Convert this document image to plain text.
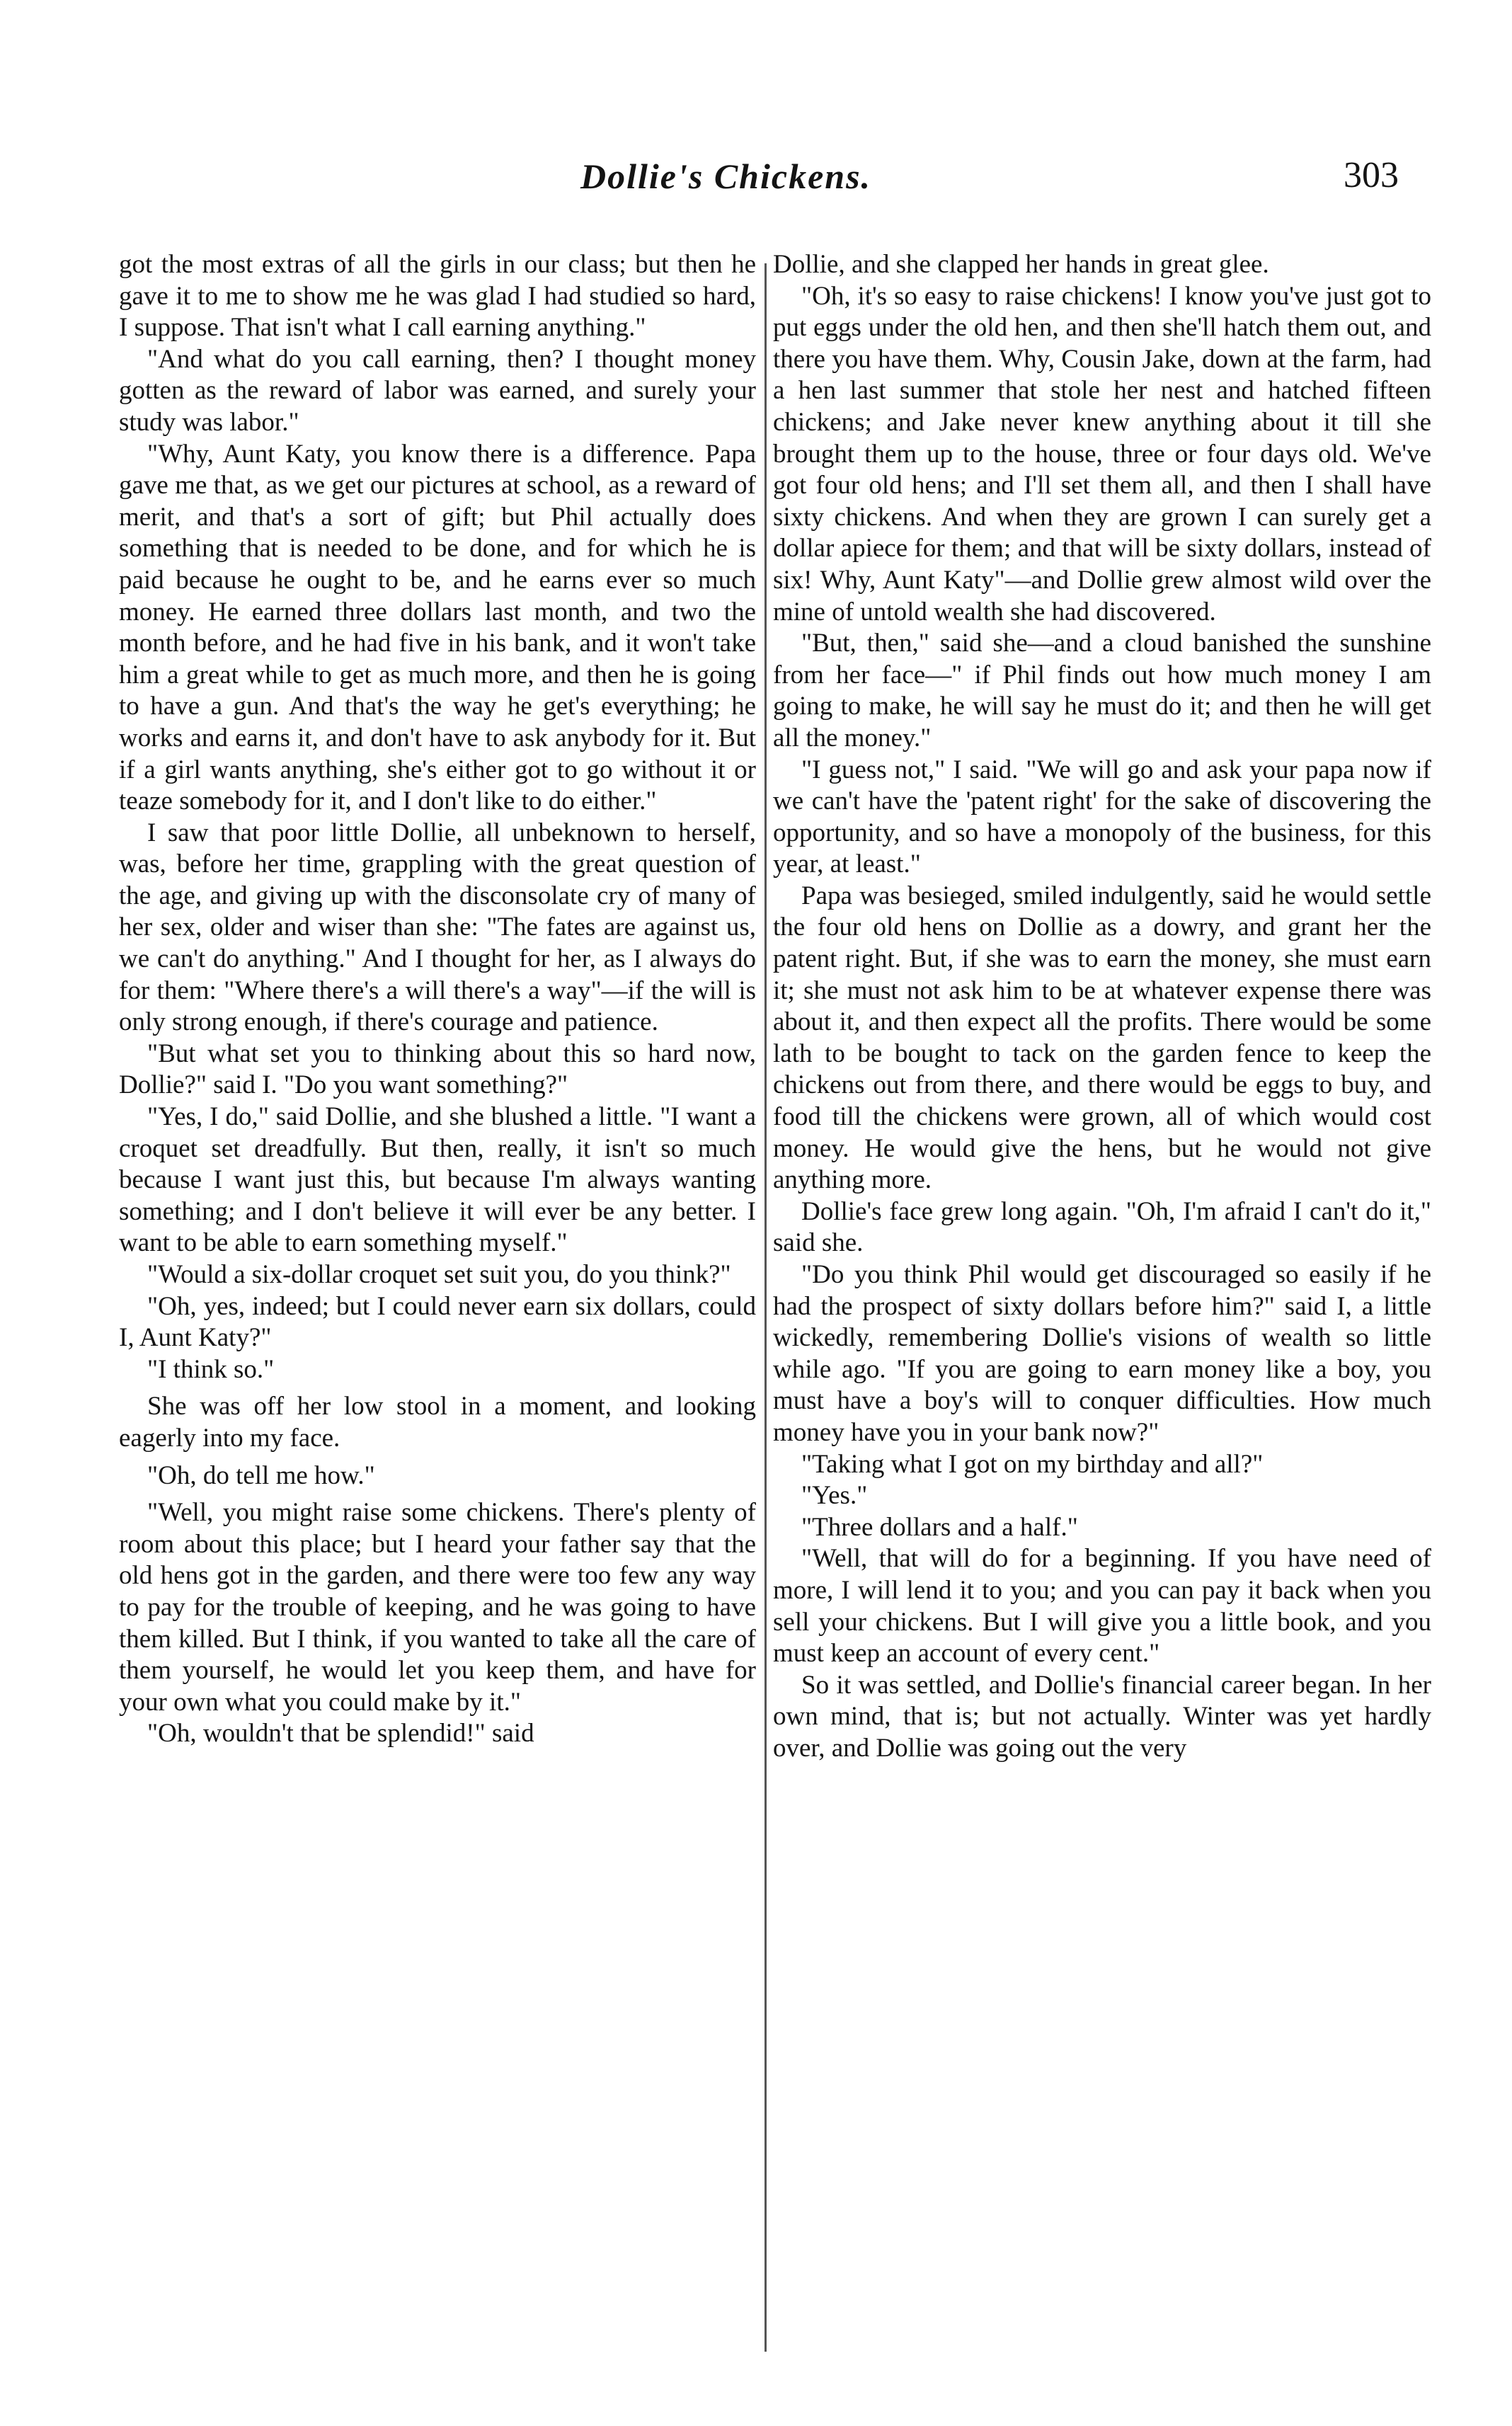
Dollie's Chickens.	303

got the most extras of all the girls in our class; but then he gave it to me to show me he was glad I had studied so hard, I suppose. That isn't what I call earning anything."

"And what do you call earning, then? I thought money gotten as the reward of labor was earned, and surely your study was labor."

"Why, Aunt Katy, you know there is a difference. Papa gave me that, as we get our pictures at school, as a reward of merit, and that's a sort of gift; but Phil actually does something that is needed to be done, and for which he is paid because he ought to be, and he earns ever so much money. He earned three dollars last month, and two the month before, and he had five in his bank, and it won't take him a great while to get as much more, and then he is going to have a gun. And that's the way he get's everything; he works and earns it, and don't have to ask anybody for it. But if a girl wants anything, she's either got to go without it or teaze somebody for it, and I don't like to do either."

I saw that poor little Dollie, all unbeknown to herself, was, before her time, grappling with the great question of the age, and giving up with the disconsolate cry of many of her sex, older and wiser than she: "The fates are against us, we can't do anything." And I thought for her, as I always do for them: "Where there's a will there's a way"—if the will is only strong enough, if there's courage and patience.

"But what set you to thinking about this so hard now, Dollie?" said I. "Do you want something?"

"Yes, I do," said Dollie, and she blushed a little. "I want a croquet set dreadfully. But then, really, it isn't so much because I want just this, but because I'm always wanting something; and I don't believe it will ever be any better. I want to be able to earn something myself."

"Would a six-dollar croquet set suit you, do you think?"

"Oh, yes, indeed; but I could never earn six dollars, could I, Aunt Katy?"

"I think so."

She was off her low stool in a moment, and looking eagerly into my face.

"Oh, do tell me how."

"Well, you might raise some chickens. There's plenty of room about this place; but I heard your father say that the old hens got in the garden, and there were too few any way to pay for the trouble of keeping, and he was going to have them killed. But I think, if you wanted to take all the care of them yourself, he would let you keep them, and have for your own what you could make by it."

"Oh, wouldn't that be splendid!" said

Dollie, and she clapped her hands in great glee.

"Oh, it's so easy to raise chickens! I know you've just got to put eggs under the old hen, and then she'll hatch them out, and there you have them. Why, Cousin Jake, down at the farm, had a hen last summer that stole her nest and hatched fifteen chickens; and Jake never knew anything about it till she brought them up to the house, three or four days old. We've got four old hens; and I'll set them all, and then I shall have sixty chickens. And when they are grown I can surely get a dollar apiece for them; and that will be sixty dollars, instead of six! Why, Aunt Katy"—and Dollie grew almost wild over the mine of untold wealth she had discovered.

"But, then," said she—and a cloud banished the sunshine from her face—" if Phil finds out how much money I am going to make, he will say he must do it; and then he will get all the money."

"I guess not," I said. "We will go and ask your papa now if we can't have the 'patent right' for the sake of discovering the opportunity, and so have a monopoly of the business, for this year, at least."

Papa was besieged, smiled indulgently, said he would settle the four old hens on Dollie as a dowry, and grant her the patent right. But, if she was to earn the money, she must earn it; she must not ask him to be at whatever expense there was about it, and then expect all the profits. There would be some lath to be bought to tack on the garden fence to keep the chickens out from there, and there would be eggs to buy, and food till the chickens were grown, all of which would cost money. He would give the hens, but he would not give anything more.

Dollie's face grew long again. "Oh, I'm afraid I can't do it," said she.

"Do you think Phil would get discouraged so easily if he had the prospect of sixty dollars before him?" said I, a little wickedly, remembering Dollie's visions of wealth so little while ago. "If you are going to earn money like a boy, you must have a boy's will to conquer difficulties. How much money have you in your bank now?"

"Taking what I got on my birthday and all?"

"Yes."

"Three dollars and a half."

"Well, that will do for a beginning. If you have need of more, I will lend it to you; and you can pay it back when you sell your chickens. But I will give you a little book, and you must keep an account of every cent."

So it was settled, and Dollie's financial career began. In her own mind, that is; but not actually. Winter was yet hardly over, and Dollie was going out the very
